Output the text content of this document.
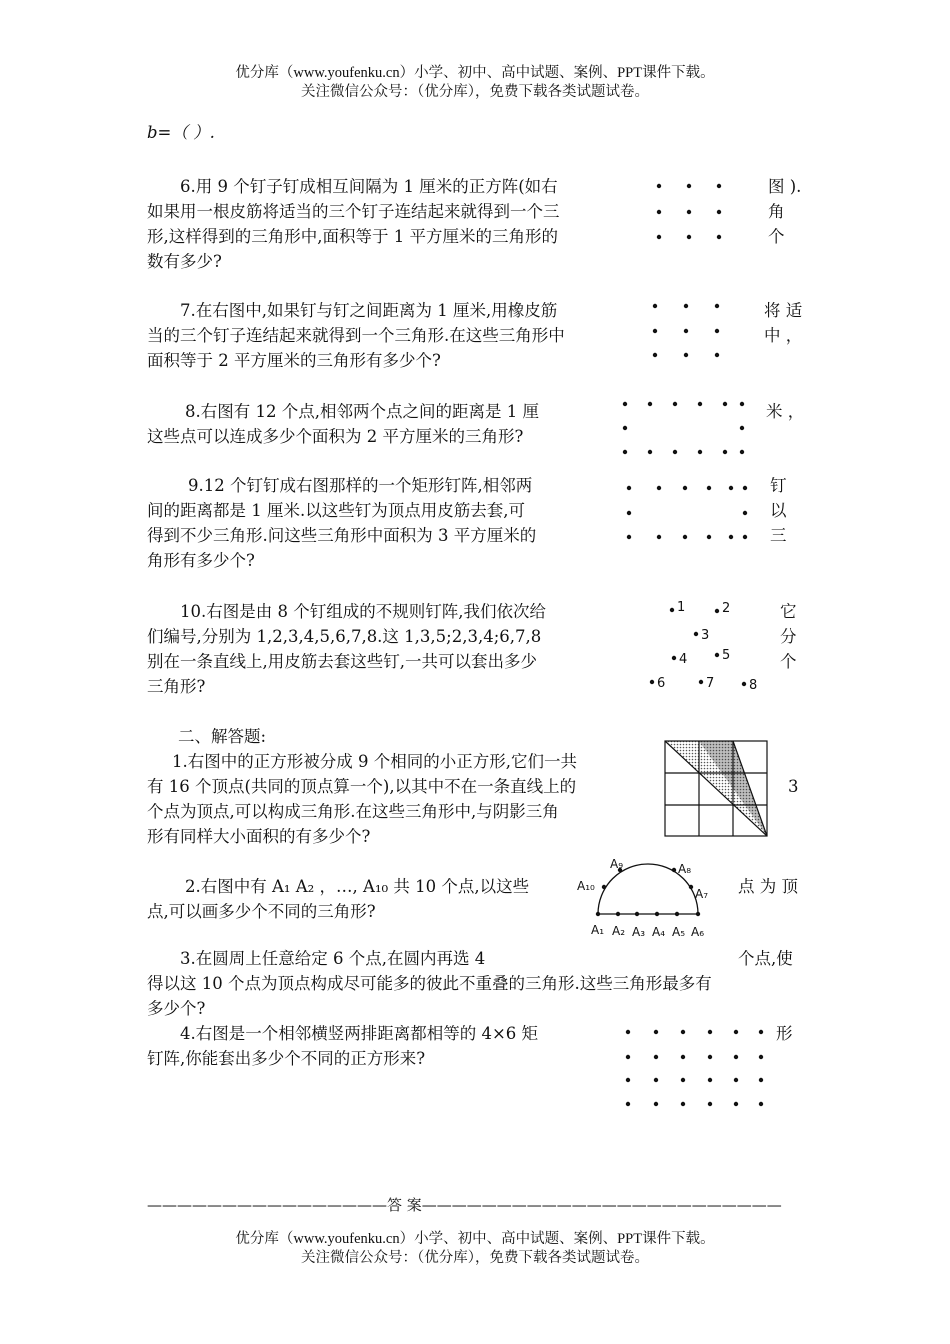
优分库（www.youfenku.cn）小学、初中、高中试题、案例、PPT课件下载。
关注微信公众号：（优分库），免费下载各类试题试卷。
b=（ ）.
6.用 9 个钉子钉成相互间隔为 1 厘米的正方阵(如右
如果用一根皮筋将适当的三个钉子连结起来就得到一个三
形,这样得到的三角形中,面积等于 1 平方厘米的三角形的
数有多少?
图 ).
角
个
7.在右图中,如果钉与钉之间距离为 1 厘米,用橡皮筋
当的三个钉子连结起来就得到一个三角形.在这些三角形中
面积等于 2 平方厘米的三角形有多少个?
将 适
中 ，
8.右图有 12 个点,相邻两个点之间的距离是 1 厘
这些点可以连成多少个面积为 2 平方厘米的三角形?
米 ，
9.12 个钉钉成右图那样的一个矩形钉阵,相邻两
间的距离都是 1 厘米.以这些钉为顶点用皮筋去套,可
得到不少三角形.问这些三角形中面积为 3 平方厘米的
角形有多少个?
钉
以
三
10.右图是由 8 个钉组成的不规则钉阵,我们依次给
们编号,分别为 1,2,3,4,5,6,7,8.这 1,3,5;2,3,4;6,7,8
别在一条直线上,用皮筋去套这些钉,一共可以套出多少
三角形?
1	2
3
4	5
6	7	8
它
分
个
二、解答题:
1.右图中的正方形被分成 9 个相同的小正方形,它们一共
有 16 个顶点(共同的顶点算一个),以其中不在一条直线上的
个点为顶点,可以构成三角形.在这些三角形中,与阴影三角
形有同样大小面积的有多少个?
3
2.右图中有 A₁ A₂ ，…, A₁₀ 共 10 个点,以这些
点,可以画多少个不同的三角形?
A₁ A₂ A₃ A₄ A₅ A₆
A₇
A₈
A₉
A₁₀	点 为 顶
3.在圆周上任意给定 6 个点,在圆内再选 4
得以这 10 个点为顶点构成尽可能多的彼此不重叠的三角形.这些三角形最多有
多少个?
个点,使
4.右图是一个相邻横竖两排距离都相等的 4×6 矩
钉阵,你能套出多少个不同的正方形来?
形
————————————————答 案————————————————————————
优分库（www.youfenku.cn）小学、初中、高中试题、案例、PPT课件下载。
关注微信公众号：（优分库），免费下载各类试题试卷。
